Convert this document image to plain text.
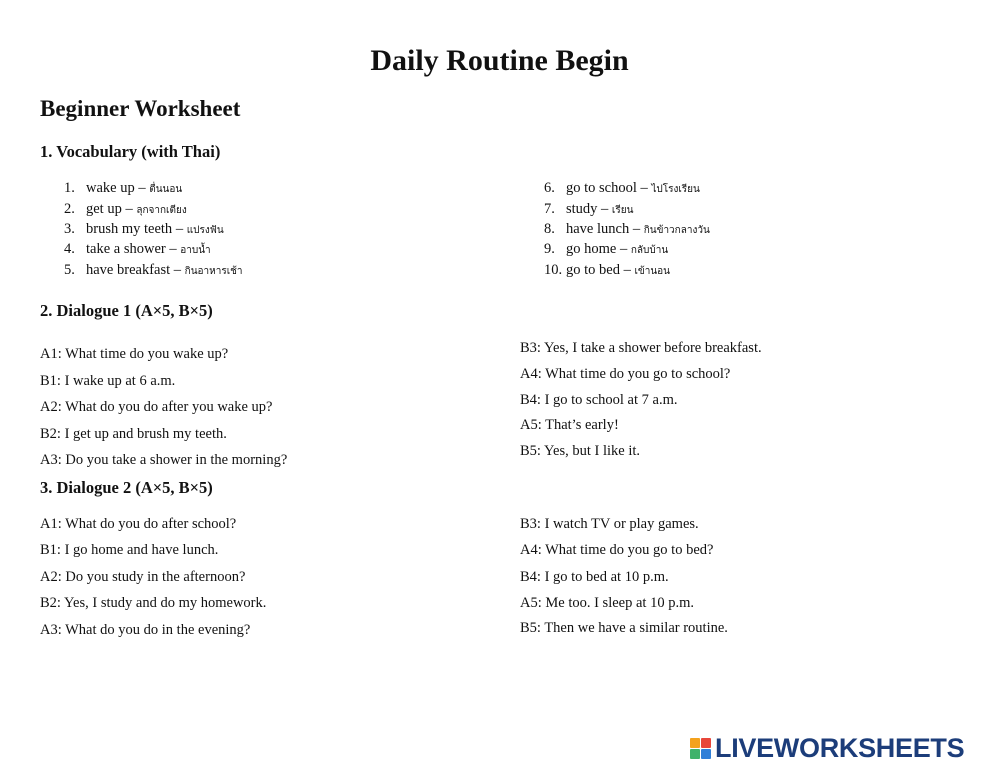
Daily Routine Begin
Beginner Worksheet
1. Vocabulary (with Thai)
1. wake up – ตื่นนอน
2. get up – ลุกจากเตียง
3. brush my teeth – แปรงฟัน
4. take a shower – อาบน้ำ
5. have breakfast – กินอาหารเช้า
6. go to school – ไปโรงเรียน
7. study – เรียน
8. have lunch – กินข้าวกลางวัน
9. go home – กลับบ้าน
10. go to bed – เข้านอน
2. Dialogue 1 (A×5, B×5)
A1: What time do you wake up?
B1: I wake up at 6 a.m.
A2: What do you do after you wake up?
B2: I get up and brush my teeth.
A3: Do you take a shower in the morning?
B3: Yes, I take a shower before breakfast.
A4: What time do you go to school?
B4: I go to school at 7 a.m.
A5: That’s early!
B5: Yes, but I like it.
3. Dialogue 2 (A×5, B×5)
A1: What do you do after school?
B1: I go home and have lunch.
A2: Do you study in the afternoon?
B2: Yes, I study and do my homework.
A3: What do you do in the evening?
B3: I watch TV or play games.
A4: What time do you go to bed?
B4: I go to bed at 10 p.m.
A5: Me too. I sleep at 10 p.m.
B5: Then we have a similar routine.
LIVEWORKSHEETS
